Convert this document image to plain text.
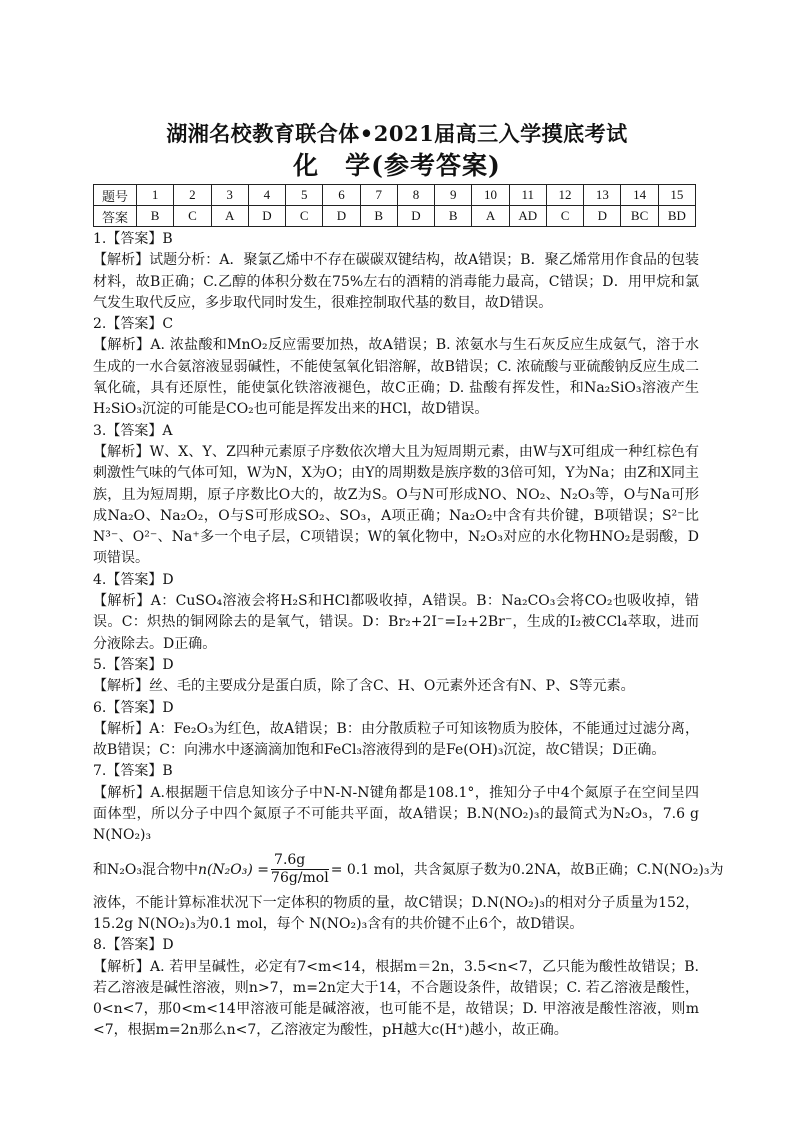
湖湘名校教育联合体•2021届高三入学摸底考试
化　学(参考答案)
题号	1	2	3	4	5	6	7	8	9	10	11	12	13	14	15
答案	B	C	A	D	C	D	B	D	B	A	AD	C	D	BC	BD

1.【答案】B

【解析】试题分析：A．聚氯乙烯中不存在碳碳双键结构，故A错误；B．聚乙烯常用作食品的包装材料，故B正确；C.乙醇的体积分数在75%左右的酒精的消毒能力最高，C错误；D．用甲烷和氯气发生取代反应，多步取代同时发生，很难控制取代基的数目，故D错误。

2.【答案】C

【解析】A. 浓盐酸和MnO₂反应需要加热，故A错误；B. 浓氨水与生石灰反应生成氨气，溶于水生成的一水合氨溶液显弱碱性，不能使氢氧化铝溶解，故B错误；C. 浓硫酸与亚硫酸钠反应生成二氧化硫，具有还原性，能使氯化铁溶液褪色，故C正确；D. 盐酸有挥发性，和Na₂SiO₃溶液产生H₂SiO₃沉淀的可能是CO₂也可能是挥发出来的HCl，故D错误。

3.【答案】A

【解析】W、X、Y、Z四种元素原子序数依次增大且为短周期元素，由W与X可组成一种红棕色有刺激性气味的气体可知，W为N，X为O；由Y的周期数是族序数的3倍可知，Y为Na；由Z和X同主族，且为短周期，原子序数比O大的，故Z为S。O与N可形成NO、NO₂、N₂O₃等，O与Na可形成Na₂O、Na₂O₂，O与S可形成SO₂、SO₃，A项正确；Na₂O₂中含有共价键，B项错误；S²⁻比N³⁻、O²⁻、Na⁺多一个电子层，C项错误；W的氧化物中，N₂O₃对应的水化物HNO₂是弱酸，D项错误。

4.【答案】D

【解析】A：CuSO₄溶液会将H₂S和HCl都吸收掉，A错误。B：Na₂CO₃会将CO₂也吸收掉，错误。C：炽热的铜网除去的是氧气，错误。D：Br₂+2I⁻=I₂+2Br⁻，生成的I₂被CCl₄萃取，进而分液除去。D正确。

5.【答案】D

【解析】丝、毛的主要成分是蛋白质，除了含C、H、O元素外还含有N、P、S等元素。

6.【答案】D

【解析】A：Fe₂O₃为红色，故A错误；B：由分散质粒子可知该物质为胶体，不能通过过滤分离，故B错误；C：向沸水中逐滴滴加饱和FeCl₃溶液得到的是Fe(OH)₃沉淀，故C错误；D正确。

7.【答案】B

【解析】A.根据题干信息知该分子中N-N-N键角都是108.1°，推知分子中4个氮原子在空间呈四面体型，所以分子中四个氮原子不可能共平面，故A错误；B.N(NO₂)₃的最简式为N₂O₃，7.6 g N(NO₂)₃

和N₂O₃混合物中$n(N_2O_3) = \frac{7.6g}{\text{76g/mol}} = 0.1$ mol，共含氮原子数为0.2NA，故B正确；C.N(NO₂)₃为

液体，不能计算标准状况下一定体积的物质的量，故C错误；D.N(NO₂)₃的相对分子质量为152，15.2g N(NO₂)₃为0.1 mol，每个 N(NO₂)₃含有的共价键不止6个，故D错误。

8.【答案】D

【解析】A. 若甲呈碱性，必定有7<m<14，根据m＝2n，3.5<n<7，乙只能为酸性故错误；B. 若乙溶液是碱性溶液，则n>7，m=2n定大于14，不合题设条件，故错误；C. 若乙溶液是酸性，0<n<7，那0<m<14甲溶液可能是碱溶液，也可能不是，故错误；D. 甲溶液是酸性溶液，则m <7，根据m=2n那么n<7，乙溶液定为酸性，pH越大c(H⁺)越小，故正确。
